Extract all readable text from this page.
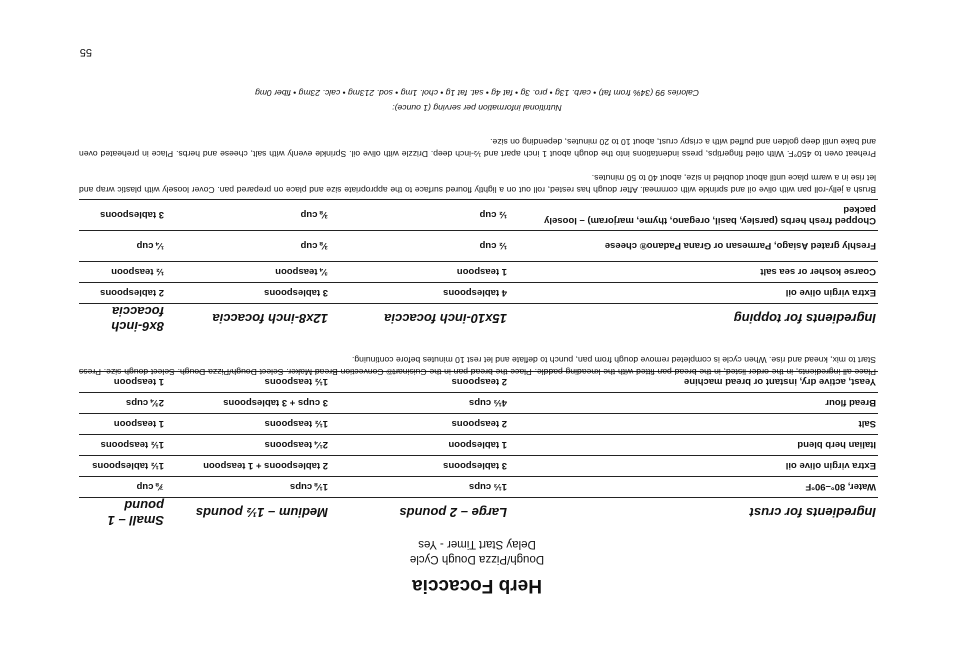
Herb Focaccia
Dough/Pizza Dough Cycle
Delay Start Timer - Yes
Ingredients for crust	Large – 2 pounds	Medium – 1½ pounds	Small – 1 pound
Water, 80°–90°F	1⅓ cups	1⅛ cups	⅞ cup
Extra virgin olive oil	3 tablespoons	2 tablespoons + 1 teaspoon	1½ tablespoons
Italian herb blend	1 tablespoon	2¼ teaspoons	1½ teaspoons
Salt	2 teaspoons	1½ teaspoons	1 teaspoon
Bread flour	4⅓ cups	3 cups + 3 tablespoons	2¾ cups
Yeast, active dry, instant or bread machine	2 teaspoons	1½ teaspoons	1 teaspoon
Place all ingredients, in the order listed, in the bread pan fitted with the kneading paddle. Place the bread pan in the Cuisinart® Convection Bread Maker. Select Dough/Pizza Dough. Select dough size. Press Start to mix, knead and rise. When cycle is completed remove dough from pan, punch to deflate and let rest 10 minutes before continuing.
Ingredients for topping	15x10-inch focaccia	12x8-inch focaccia	8x6-inch focaccia
Extra virgin olive oil	4 tablespoons	3 tablespoons	2 tablespoons
Coarse kosher or sea salt	1 teaspoon	¾ teaspoon	½ teaspoon
Freshly grated Asiago, Parmesan or Grana Padano® cheese	½ cup	⅜ cup	¼ cup
Chopped fresh herbs (parsley, basil, oregano, thyme, marjoram) – loosely packed	½ cup	⅜ cup	3 tablespoons
Brush a jelly-roll pan with olive oil and sprinkle with cornmeal. After dough has rested, roll out on a lightly floured surface to the appropriate size and place on prepared pan. Cover loosely with plastic wrap and let rise in a warm place until about doubled in size, about 40 to 50 minutes.
Preheat oven to 450°F. With oiled fingertips, press indentations into the dough about 1 inch apart and ½-inch deep. Drizzle with olive oil. Sprinkle evenly with salt, cheese and herbs. Place in preheated oven and bake until deep golden and puffed with a crispy crust, about 10 to 20 minutes, depending on size.
Nutritional information per serving (1 ounce):
Calories 99 (34% from fat) • carb. 13g • pro. 3g • fat 4g • sat. fat 1g • chol. 1mg • sod. 213mg • calc. 23mg • fiber 0mg
55
